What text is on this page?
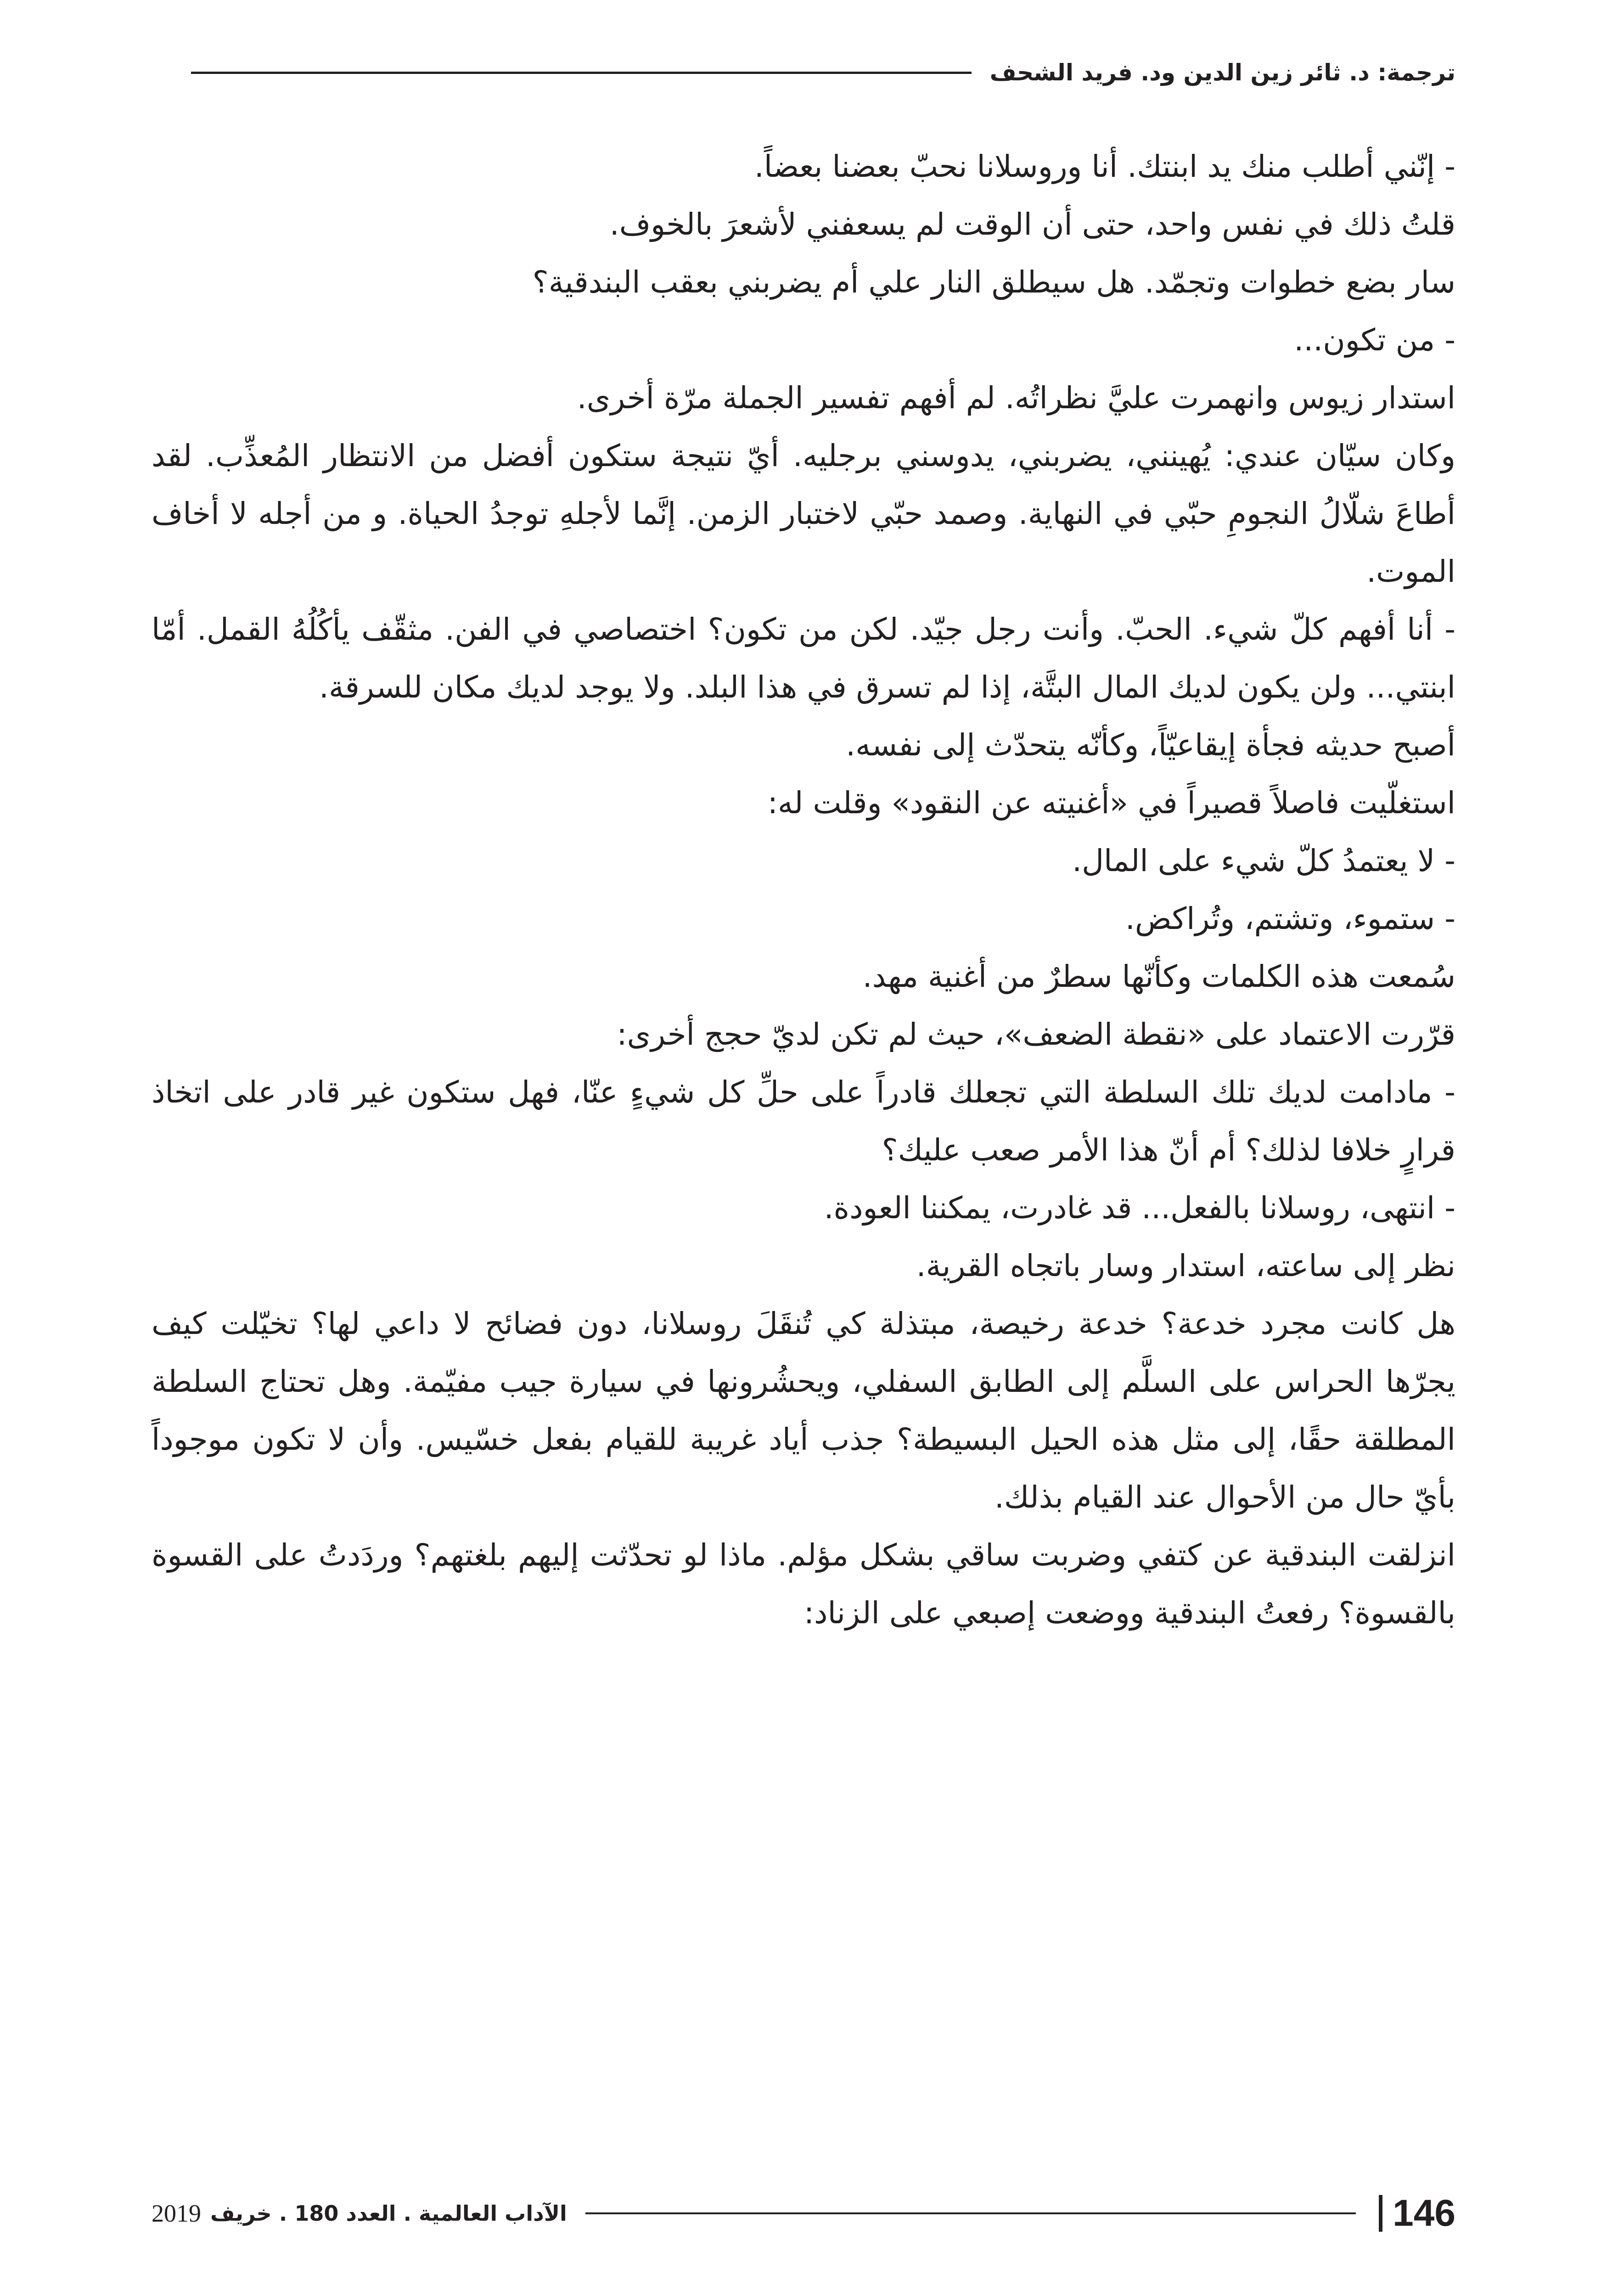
ترجمة: د. ثائر زين الدين ود. فريد الشحف

- إنّني أطلب منك يد ابنتك. أنا وروسلانا نحبّ بعضنا بعضاً.

قلتُ ذلك في نفس واحد، حتى أن الوقت لم يسعفني لأشعرَ بالخوف.

سار بضع خطوات وتجمّد. هل سيطلق النار علي أم يضربني بعقب البندقية؟

- من تكون...

استدار زيوس وانهمرت عليَّ نظراتُه. لم أفهم تفسير الجملة مرّة أخرى.

وكان سيّان عندي: يُهينني، يضربني، يدوسني برجليه. أيّ نتيجة ستكون أفضل من الانتظار المُعذِّب. لقد أطاعَ شلّالُ النجومِ حبّي في النهاية. وصمد حبّي لاختبار الزمن. إنَّما لأجلهِ توجدُ الحياة. و من أجله لا أخاف الموت.

- أنا أفهم كلّ شيء. الحبّ. وأنت رجل جيّد. لكن من تكون؟ اختصاصي في الفن. مثقّف يأكُلُهُ القمل. أمّا ابنتي... ولن يكون لديك المال البتَّة، إذا لم تسرق في هذا البلد. ولا يوجد لديك مكان للسرقة.

أصبح حديثه فجأة إيقاعيّاً، وكأنّه يتحدّث إلى نفسه.

استغلّيت فاصلاً قصيراً في «أغنيته عن النقود» وقلت له:

- لا يعتمدُ كلّ شيء على المال.

- ستموء، وتشتم، وتُراكض.

سُمعت هذه الكلمات وكأنّها سطرٌ من أغنية مهد.

قرّرت الاعتماد على «نقطة الضعف»، حيث لم تكن لديّ حجج أخرى:

- مادامت لديك تلك السلطة التي تجعلك قادراً على حلِّ كل شيءٍ عنّا، فهل ستكون غير قادر على اتخاذ قرارٍ خلافا لذلك؟ أم أنّ هذا الأمر صعب عليك؟

- انتهى، روسلانا بالفعل... قد غادرت، يمكننا العودة.

نظر إلى ساعته، استدار وسار باتجاه القرية.

هل كانت مجرد خدعة؟ خدعة رخيصة، مبتذلة كي تُنقَلَ روسلانا، دون فضائح لا داعي لها؟ تخيّلت كيف يجرّها الحراس على السلَّم إلى الطابق السفلي، ويحشُرونها في سيارة جيب مفيّمة. وهل تحتاج السلطة المطلقة حقًا، إلى مثل هذه الحيل البسيطة؟ جذب أياد غريبة للقيام بفعل خسّيس. وأن لا تكون موجوداً بأيّ حال من الأحوال عند القيام بذلك.

انزلقت البندقية عن كتفي وضربت ساقي بشكل مؤلم. ماذا لو تحدّثت إليهم بلغتهم؟ وردَدتُ على القسوة بالقسوة؟ رفعتُ البندقية ووضعت إصبعي على الزناد:

146
الآداب العالمية . العدد 180 . خريف
2019
